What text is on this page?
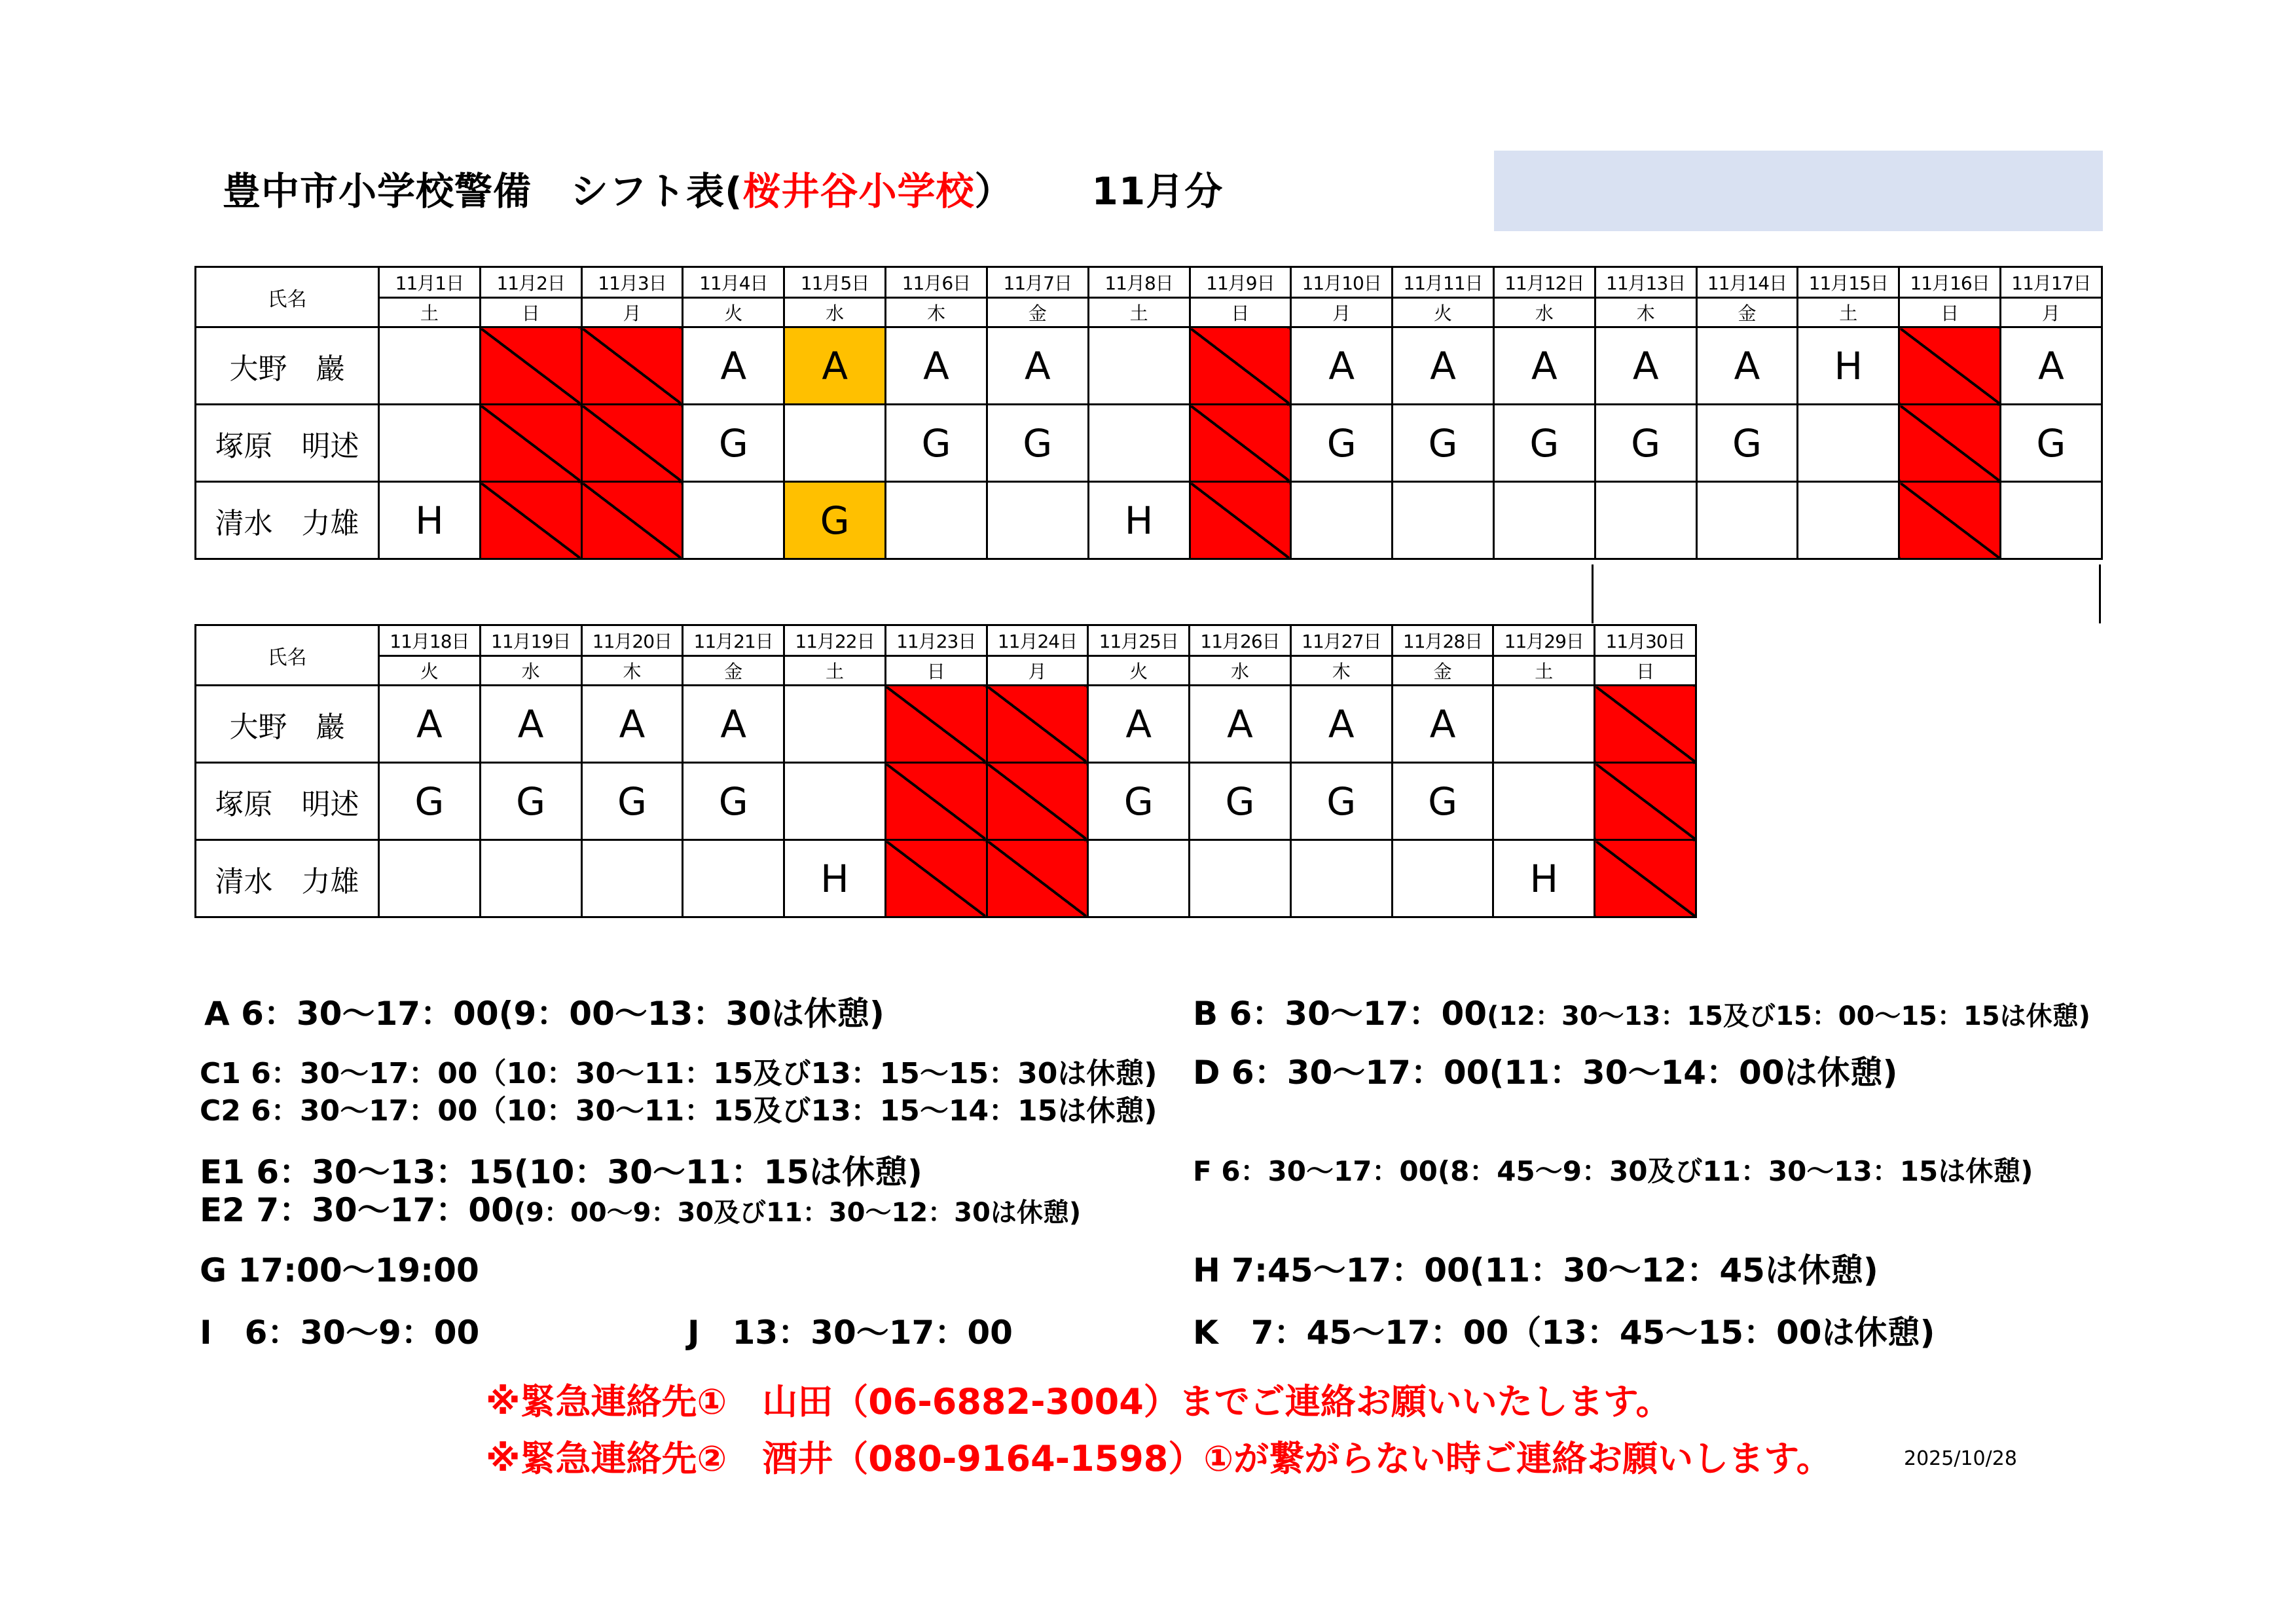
豊中市小学校警備　シフト表(桜井谷小学校） 11月分
氏名	11月1日	11月2日	11月3日	11月4日	11月5日	11月6日	11月7日	11月8日	11月9日	11月10日	11月11日	11月12日	11月13日	11月14日	11月15日	11月16日	11月17日
	土	日	月	火	水	木	金	土	日	月	火	水	木	金	土	日	月
大野　巖				A	A	A	A			A	A	A	A	A	H		A
塚原　明述				G		G	G			G	G	G	G	G			G
清水　力雄	H				G			H									
氏名	11月18日	11月19日	11月20日	11月21日	11月22日	11月23日	11月24日	11月25日	11月26日	11月27日	11月28日	11月29日	11月30日
	火	水	木	金	土	日	月	火	水	木	金	土	日
大野　巖	A	A	A	A				A	A	A	A		
塚原　明述	G	G	G	G				G	G	G	G		
清水　力雄					H							H	
A 6：30～17：00(9：00～13：30は休憩)	B 6：30～17：00(12：30～13：15及び15：00～15：15は休憩)
C1 6：30～17：00（10：30～11：15及び13：15～15：30は休憩)
C2 6：30～17：00（10：30～11：15及び13：15～14：15は休憩)
D 6：30～17：00(11：30～14：00は休憩)
E1 6：30～13：15(10：30～11：15は休憩)
E2 7：30～17：00(9：00～9：30及び11：30～12：30は休憩)
F 6：30～17：00(8：45～9：30及び11：30～13：15は休憩)
G 17:00～19:00	H 7:45～17：00(11：30～12：45は休憩)
I　6：30～9：00	J　13：30～17：00	K　7：45～17：00（13：45～15：00は休憩)
※緊急連絡先①　山田（06-6882-3004）までご連絡お願いいたします。
※緊急連絡先②　酒井（080-9164-1598）①が繋がらない時ご連絡お願いします。	2025/10/28
